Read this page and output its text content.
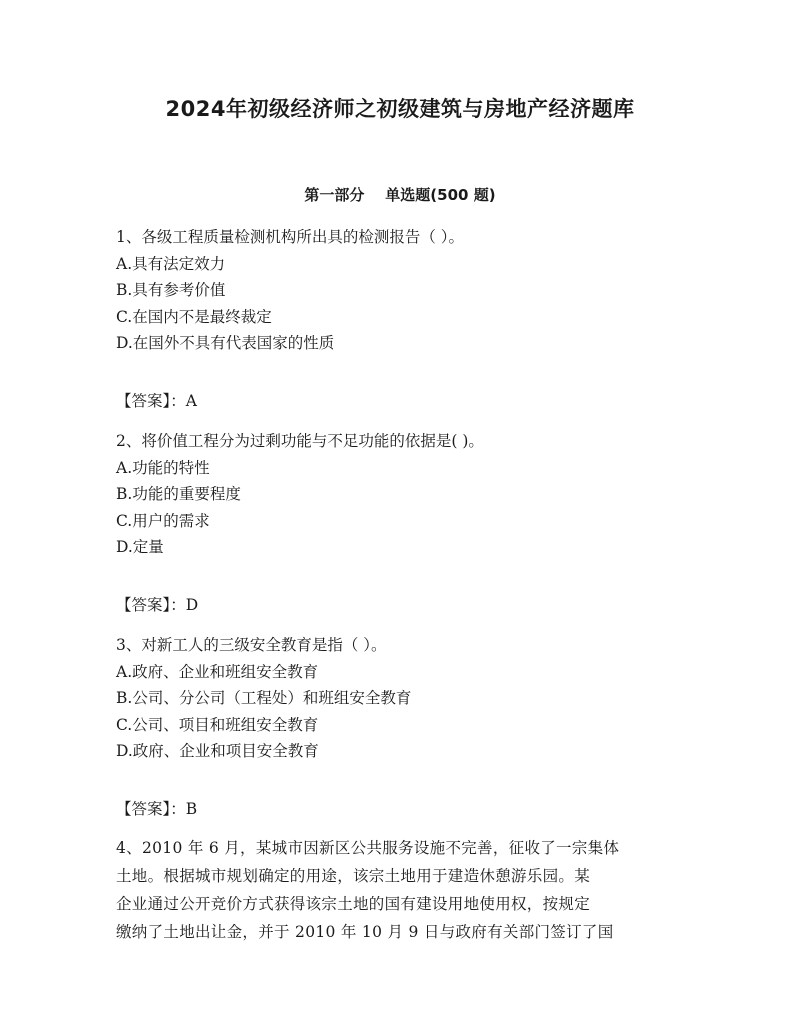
2024年初级经济师之初级建筑与房地产经济题库
第一部分    单选题(500 题)
1、各级工程质量检测机构所出具的检测报告（ ）。
A.具有法定效力
B.具有参考价值
C.在国内不是最终裁定
D.在国外不具有代表国家的性质
【答案】：A
2、将价值工程分为过剩功能与不足功能的依据是( )。
A.功能的特性
B.功能的重要程度
C.用户的需求
D.定量
【答案】：D
3、对新工人的三级安全教育是指（ ）。
A.政府、企业和班组安全教育
B.公司、分公司（工程处）和班组安全教育
C.公司、项目和班组安全教育
D.政府、企业和项目安全教育
【答案】：B
4、2010 年 6 月，某城市因新区公共服务设施不完善，征收了一宗集体
土地。根据城市规划确定的用途，该宗土地用于建造休憩游乐园。某
企业通过公开竞价方式获得该宗土地的国有建设用地使用权，按规定
缴纳了土地出让金，并于 2010 年 10 月 9 日与政府有关部门签订了国
